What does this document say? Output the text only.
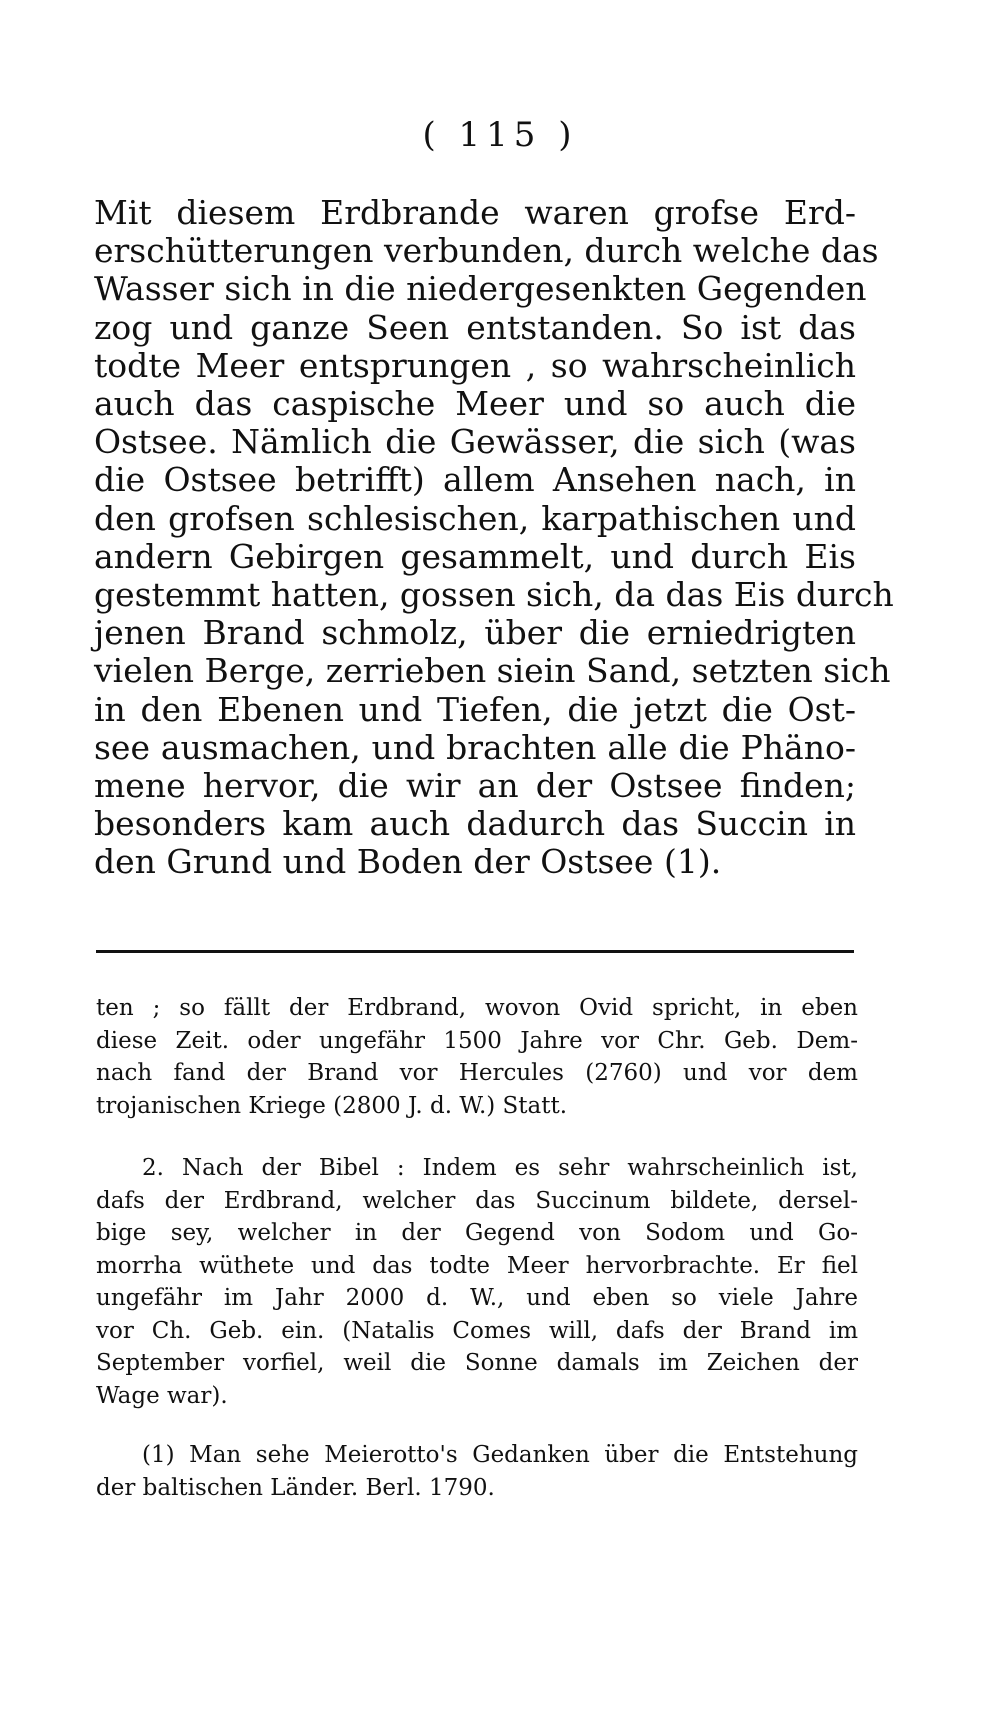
( 115 )
Mit diesem Erdbrande waren grofse Erd-
erschütterungen verbunden, durch welche das
Wasser sich in die niedergesenkten Gegenden
zog und ganze Seen entstanden. So ist das
todte Meer entsprungen , so wahrscheinlich
auch das caspische Meer und so auch die
Ostsee. Nämlich die Gewässer, die sich (was
die Ostsee betrifft) allem Ansehen nach, in
den grofsen schlesischen, karpathischen und
andern Gebirgen gesammelt, und durch Eis
gestemmt hatten, gossen sich, da das Eis durch
jenen Brand schmolz, über die erniedrigten
vielen Berge, zerrieben siein Sand, setzten sich
in den Ebenen und Tiefen, die jetzt die Ost-
see ausmachen, und brachten alle die Phäno-
mene hervor, die wir an der Ostsee finden;
besonders kam auch dadurch das Succin in
den Grund und Boden der Ostsee (1).
ten ; so fällt der Erdbrand, wovon Ovid spricht, in eben
diese Zeit. oder ungefähr 1500 Jahre vor Chr. Geb. Dem-
nach fand der Brand vor Hercules (2760) und vor dem
trojanischen Kriege (2800 J. d. W.) Statt.
2. Nach der Bibel : Indem es sehr wahrscheinlich ist,
dafs der Erdbrand, welcher das Succinum bildete, dersel-
bige sey, welcher in der Gegend von Sodom und Go-
morrha wüthete und das todte Meer hervorbrachte. Er fiel
ungefähr im Jahr 2000 d. W., und eben so viele Jahre
vor Ch. Geb. ein. (Natalis Comes will, dafs der Brand im
September vorfiel, weil die Sonne damals im Zeichen der
Wage war).
(1) Man sehe Meierotto's Gedanken über die Entstehung
der baltischen Länder. Berl. 1790.
